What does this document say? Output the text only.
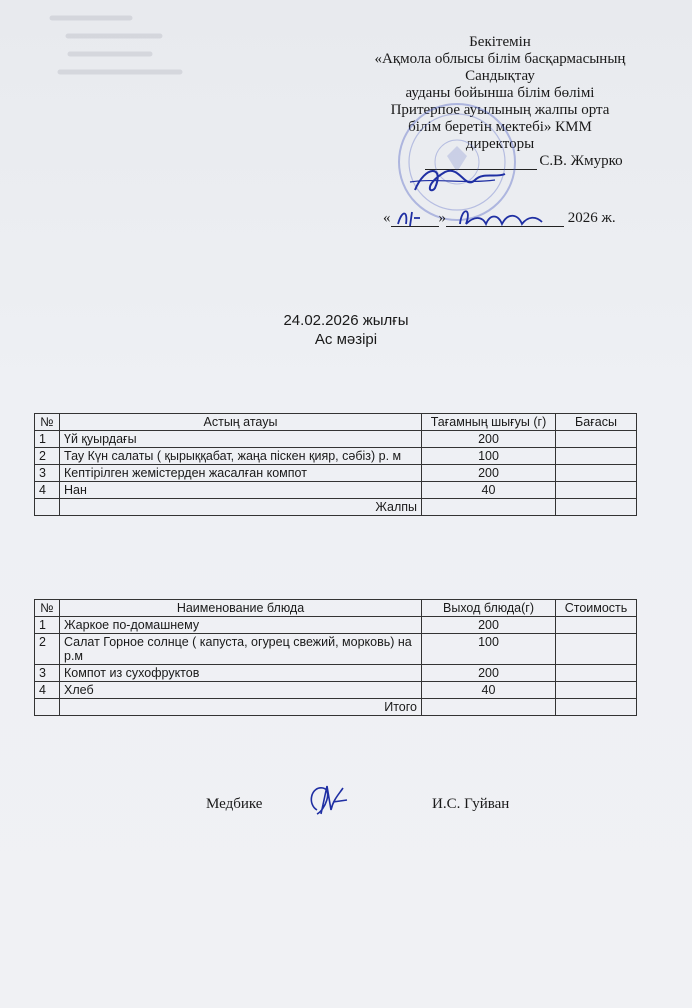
Бекітемін
«Ақмола облысы білім басқармасының
Сандықтау
ауданы бойынша білім бөлімі
Притерпое ауылының жалпы орта
білім беретін мектебі» КММ
директоры
С.В. Жмурко
«	»	2026 ж.
24.02.2026 жылғы
Ас мәзірі
№	Астың атауы	Тағамның шығуы (г)	Бағасы
1	Үй қуырдағы	200	
2	Тау Күн салаты ( қырыққабат, жаңа піскен қияр, сәбіз) р. м	100	
3	Кептірілген жемістерден жасалған компот	200	
4	Нан	40	
	Жалпы		
№	Наименование блюда	Выход блюда(г)	Стоимость
1	Жаркое по-домашнему	200	
2	Салат Горное солнце ( капуста, огурец свежий, морковь) на р.м	100	
3	Компот из сухофруктов	200	
4	Хлеб	40	
	Итого		
Медбике	И.С. Гуйван
